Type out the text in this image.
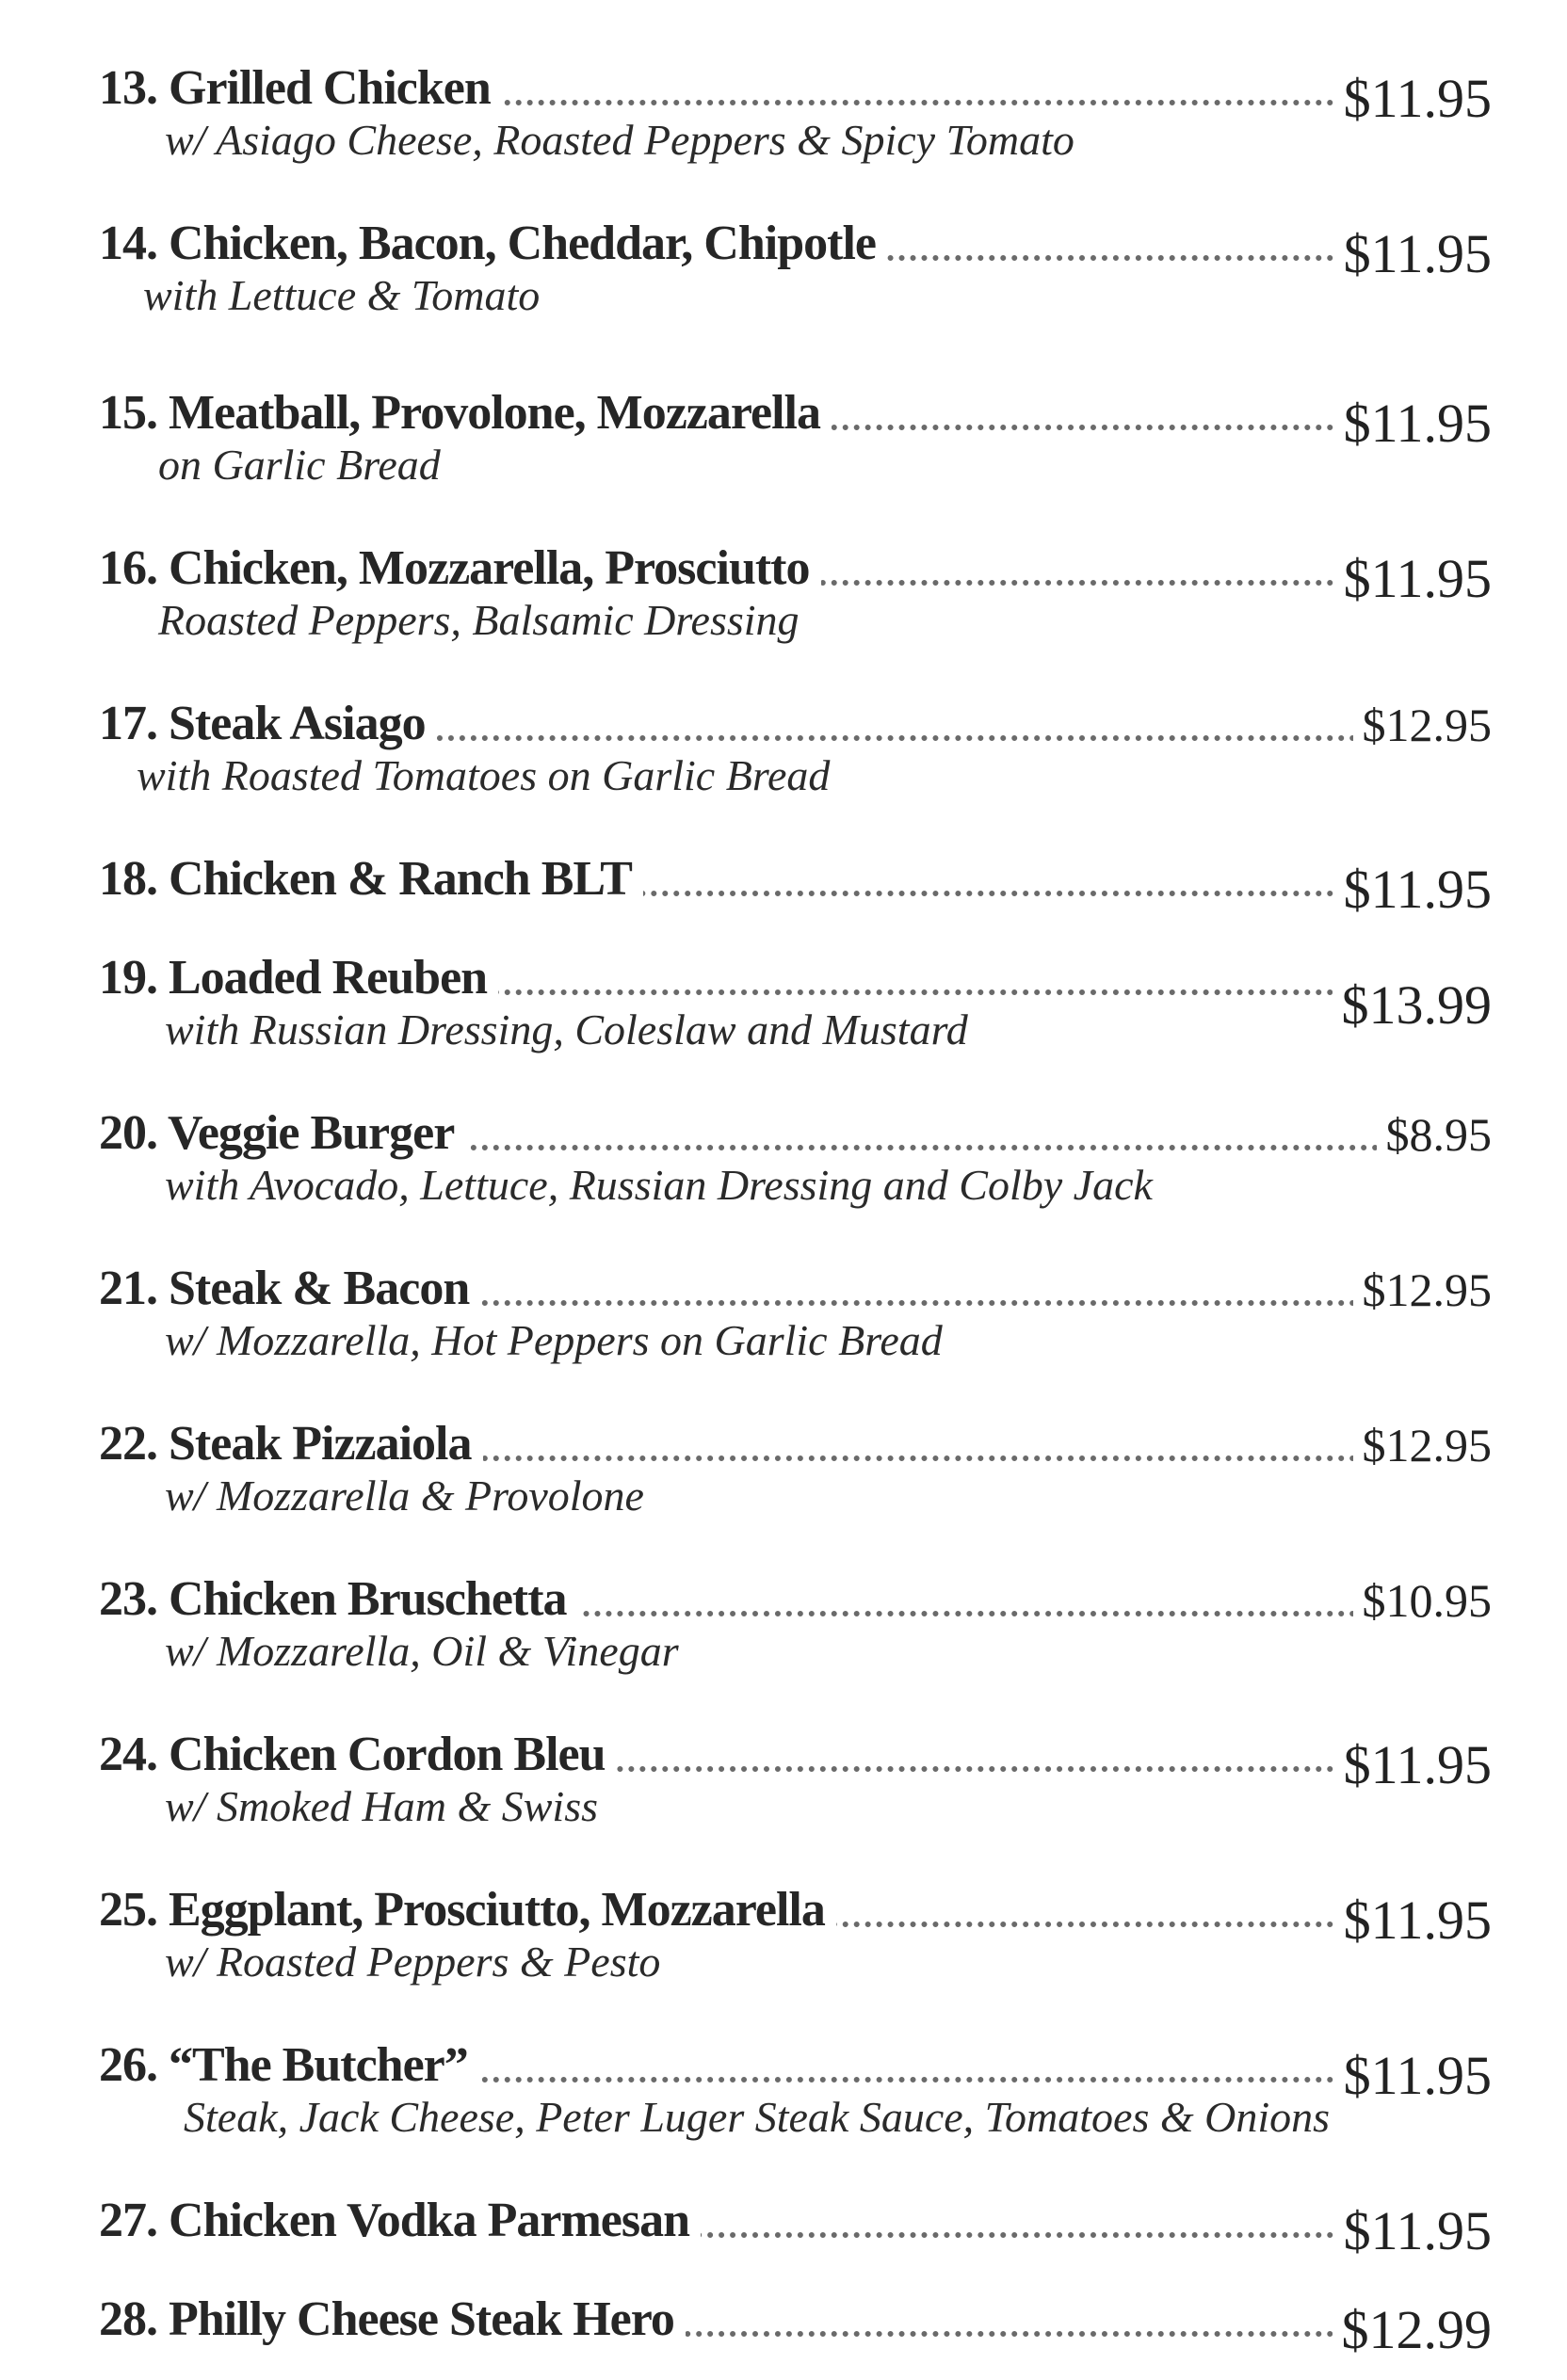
13. Grilled Chicken	$11.95
w/ Asiago Cheese, Roasted Peppers & Spicy Tomato
14. Chicken, Bacon, Cheddar, Chipotle	$11.95
with Lettuce & Tomato
15. Meatball, Provolone, Mozzarella	$11.95
on Garlic Bread
16. Chicken, Mozzarella, Prosciutto	$11.95
Roasted Peppers, Balsamic Dressing
17. Steak Asiago	$12.95
with Roasted Tomatoes on Garlic Bread
18. Chicken & Ranch BLT	$11.95
19. Loaded Reuben	$13.99
with Russian Dressing, Coleslaw and Mustard
20. Veggie Burger	$8.95
with Avocado, Lettuce, Russian Dressing and Colby Jack
21. Steak & Bacon	$12.95
w/ Mozzarella, Hot Peppers on Garlic Bread
22. Steak Pizzaiola	$12.95
w/ Mozzarella & Provolone
23. Chicken Bruschetta	$10.95
w/ Mozzarella, Oil & Vinegar
24. Chicken Cordon Bleu	$11.95
w/ Smoked Ham & Swiss
25. Eggplant, Prosciutto, Mozzarella	$11.95
w/ Roasted Peppers & Pesto
26. “The Butcher”	$11.95
Steak, Jack Cheese, Peter Luger Steak Sauce, Tomatoes & Onions
27. Chicken Vodka Parmesan	$11.95
28. Philly Cheese Steak Hero	$12.99
